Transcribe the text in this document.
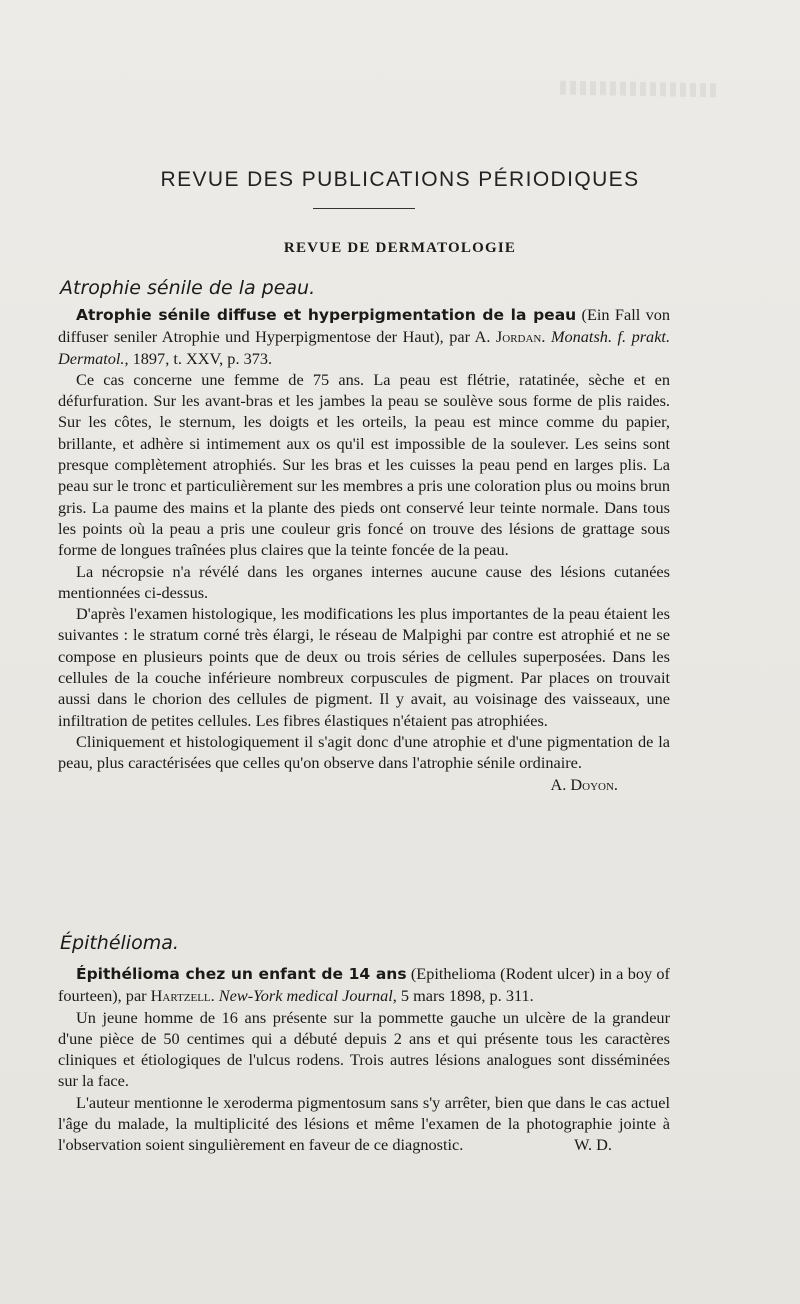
REVUE DES PUBLICATIONS PÉRIODIQUES
REVUE DE DERMATOLOGIE
Atrophie sénile de la peau.

Atrophie sénile diffuse et hyperpigmentation de la peau (Ein Fall von diffuser seniler Atrophie und Hyperpigmentose der Haut), par A. Jordan. Monatsh. f. prakt. Dermatol., 1897, t. XXV, p. 373.

Ce cas concerne une femme de 75 ans. La peau est flétrie, ratatinée, sèche et en défurfuration. Sur les avant-bras et les jambes la peau se soulève sous forme de plis raides. Sur les côtes, le sternum, les doigts et les orteils, la peau est mince comme du papier, brillante, et adhère si intimement aux os qu'il est impossible de la soulever. Les seins sont presque complètement atrophiés. Sur les bras et les cuisses la peau pend en larges plis. La peau sur le tronc et particulièrement sur les membres a pris une coloration plus ou moins brun gris. La paume des mains et la plante des pieds ont conservé leur teinte normale. Dans tous les points où la peau a pris une couleur gris foncé on trouve des lésions de grattage sous forme de longues traînées plus claires que la teinte foncée de la peau.

La nécropsie n'a révélé dans les organes internes aucune cause des lésions cutanées mentionnées ci-dessus.

D'après l'examen histologique, les modifications les plus importantes de la peau étaient les suivantes : le stratum corné très élargi, le réseau de Malpighi par contre est atrophié et ne se compose en plusieurs points que de deux ou trois séries de cellules superposées. Dans les cellules de la couche inférieure nombreux corpuscules de pigment. Par places on trouvait aussi dans le chorion des cellules de pigment. Il y avait, au voisinage des vaisseaux, une infiltration de petites cellules. Les fibres élastiques n'étaient pas atrophiées.

Cliniquement et histologiquement il s'agit donc d'une atrophie et d'une pigmentation de la peau, plus caractérisées que celles qu'on observe dans l'atrophie sénile ordinaire.
A. Doyon.

Épithélioma.

Épithélioma chez un enfant de 14 ans (Epithelioma (Rodent ulcer) in a boy of fourteen), par Hartzell. New-York medical Journal, 5 mars 1898, p. 311.

Un jeune homme de 16 ans présente sur la pommette gauche un ulcère de la grandeur d'une pièce de 50 centimes qui a débuté depuis 2 ans et qui présente tous les caractères cliniques et étiologiques de l'ulcus rodens. Trois autres lésions analogues sont disséminées sur la face.

L'auteur mentionne le xeroderma pigmentosum sans s'y arrêter, bien que dans le cas actuel l'âge du malade, la multiplicité des lésions et même l'examen de la photographie jointe à l'observation soient singulièrement en faveur de ce diagnostic.	W. D.
